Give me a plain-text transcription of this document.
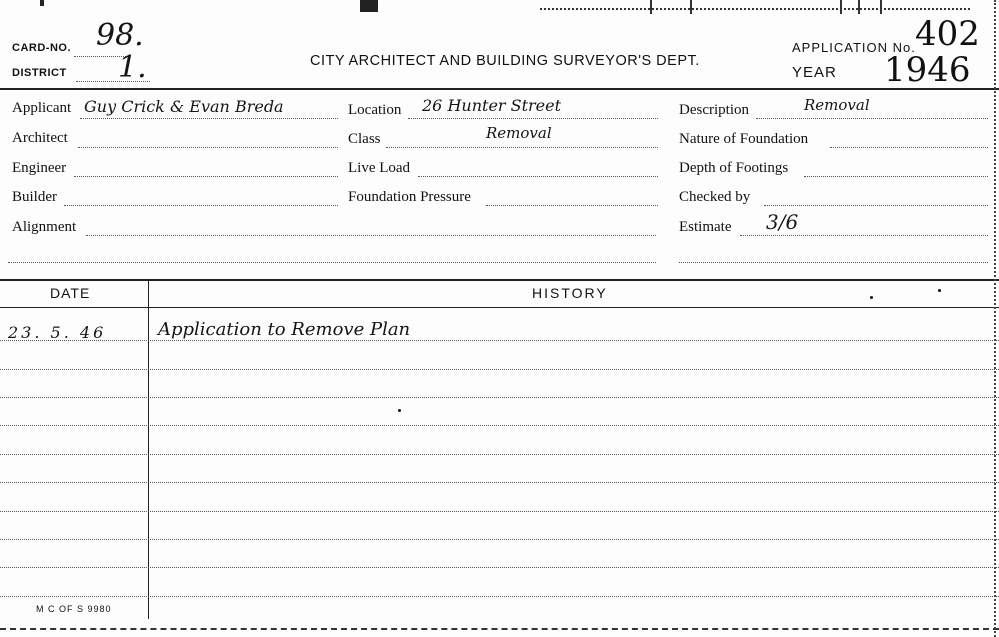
CARD-NO. 98.
DISTRICT 1.	CITY ARCHITECT AND BUILDING SURVEYOR'S DEPT.
APPLICATION No. 402
YEAR 1946
Applicant Guy Crick & Evan Breda
Architect
Engineer
Builder
Alignment
Location 26 Hunter Street
Class	Removal
Live Load
Foundation Pressure
Description	Removal
Nature of Foundation
Depth of Footings
Checked by
Estimate 3/6
DATE	HISTORY
23. 5. 46	Application to Remove Plan
M C OF S 9980
